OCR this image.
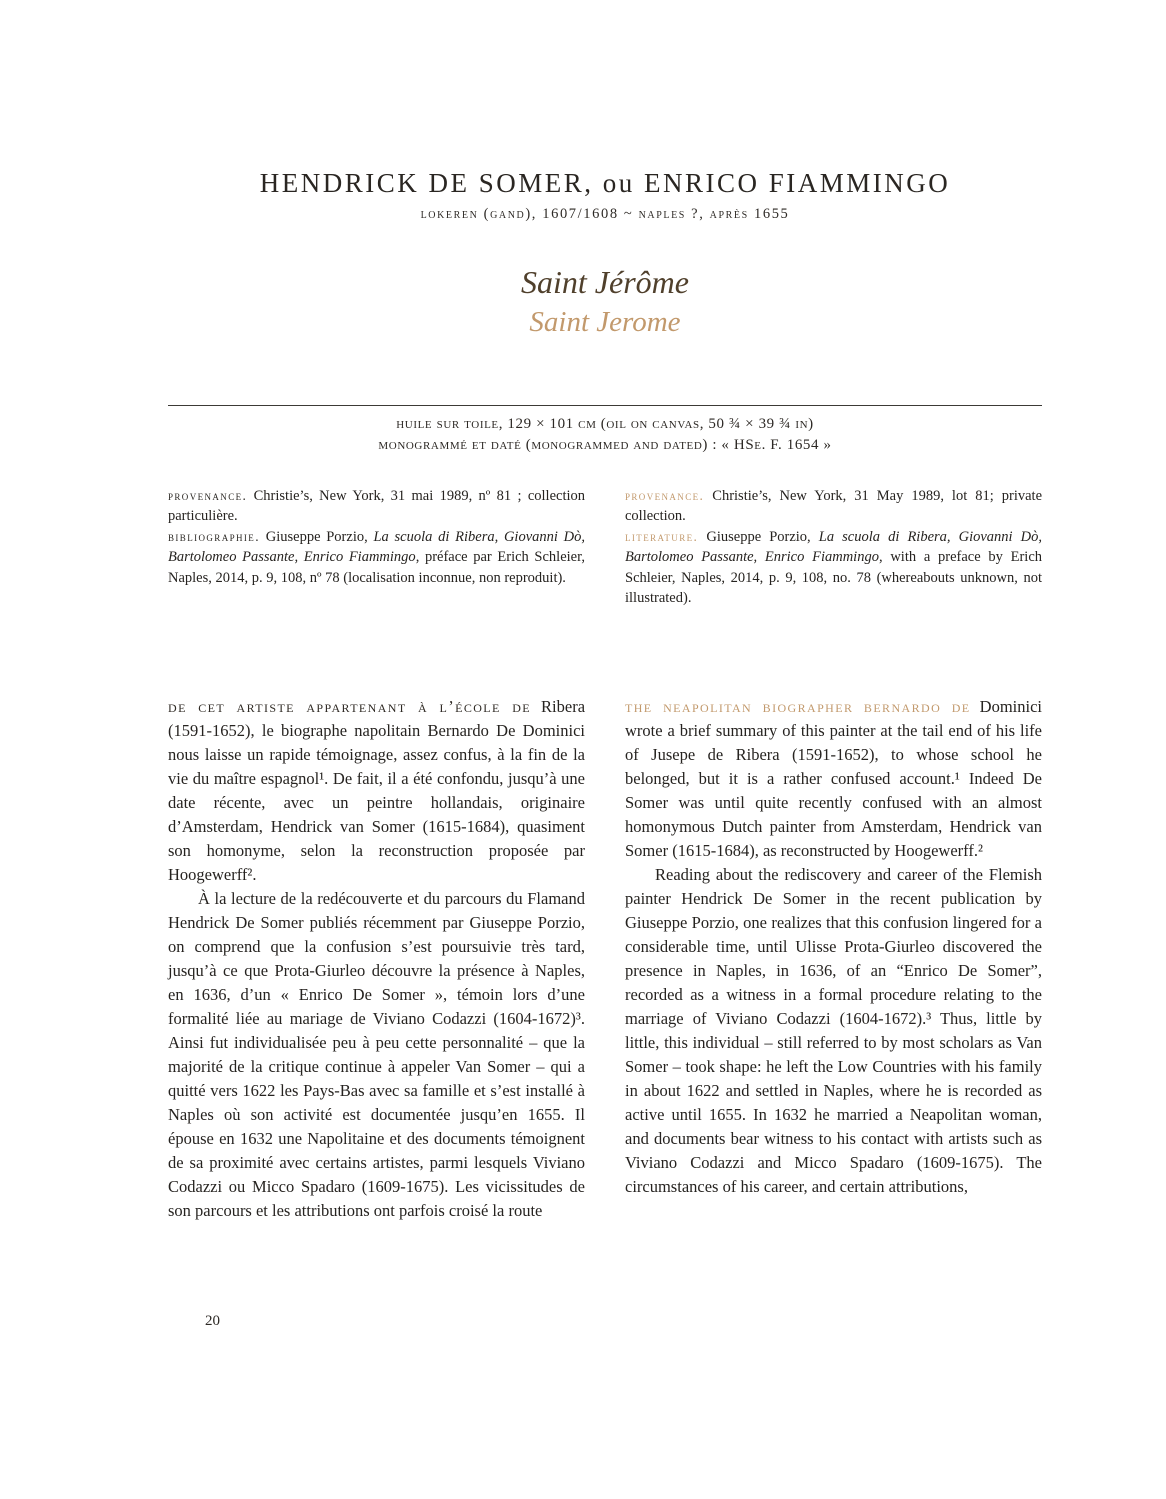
HENDRICK DE SOMER, ou ENRICO FIAMMINGO
lokeren (gand), 1607/1608 ~ naples ?, après 1655
Saint Jérôme
Saint Jerome
huile sur toile, 129 × 101 cm (oil on canvas, 50 ¾ × 39 ¾ in)
monogrammé et daté (monogrammed and dated) : « HSe. F. 1654 »

provenance. Christie’s, New York, 31 mai 1989, nº 81 ; collection particulière.

bibliographie. Giuseppe Porzio, La scuola di Ribera, Giovanni Dò, Bartolomeo Passante, Enrico Fiammingo, préface par Erich Schleier, Naples, 2014, p. 9, 108, nº 78 (localisation inconnue, non reproduit).

provenance. Christie’s, New York, 31 May 1989, lot 81; private collection.

literature. Giuseppe Porzio, La scuola di Ribera, Giovanni Dò, Bartolomeo Passante, Enrico Fiammingo, with a preface by Erich Schleier, Naples, 2014, p. 9, 108, no. 78 (whereabouts unknown, not illustrated).

de cet artiste appartenant à l’école de Ribera (1591-1652), le biographe napolitain Bernardo De Dominici nous laisse un rapide témoignage, assez confus, à la fin de la vie du maître espagnol¹. De fait, il a été confondu, jusqu’à une date récente, avec un peintre hollandais, originaire d’Amsterdam, Hendrick van Somer (1615-1684), quasiment son homonyme, selon la reconstruction proposée par Hoogewerff².

À la lecture de la redécouverte et du parcours du Flamand Hendrick De Somer publiés récemment par Giuseppe Porzio, on comprend que la confusion s’est poursuivie très tard, jusqu’à ce que Prota-Giurleo découvre la présence à Naples, en 1636, d’un « Enrico De Somer », témoin lors d’une formalité liée au mariage de Viviano Codazzi (1604-1672)³. Ainsi fut individualisée peu à peu cette personnalité – que la majorité de la critique continue à appeler Van Somer – qui a quitté vers 1622 les Pays-Bas avec sa famille et s’est installé à Naples où son activité est documentée jusqu’en 1655. Il épouse en 1632 une Napolitaine et des documents témoignent de sa proximité avec certains artistes, parmi lesquels Viviano Codazzi ou Micco Spadaro (1609-1675). Les vicissitudes de son parcours et les attributions ont parfois croisé la route

the neapolitan biographer bernardo de Dominici wrote a brief summary of this painter at the tail end of his life of Jusepe de Ribera (1591-1652), to whose school he belonged, but it is a rather confused account.¹ Indeed De Somer was until quite recently confused with an almost homonymous Dutch painter from Amsterdam, Hendrick van Somer (1615-1684), as reconstructed by Hoogewerff.²

Reading about the rediscovery and career of the Flemish painter Hendrick De Somer in the recent publication by Giuseppe Porzio, one realizes that this confusion lingered for a considerable time, until Ulisse Prota-Giurleo discovered the presence in Naples, in 1636, of an “Enrico De Somer”, recorded as a witness in a formal procedure relating to the marriage of Viviano Codazzi (1604-1672).³ Thus, little by little, this individual – still referred to by most scholars as Van Somer – took shape: he left the Low Countries with his family in about 1622 and settled in Naples, where he is recorded as active until 1655. In 1632 he married a Neapolitan woman, and documents bear witness to his contact with artists such as Viviano Codazzi and Micco Spadaro (1609-1675). The circumstances of his career, and certain attributions,

20
